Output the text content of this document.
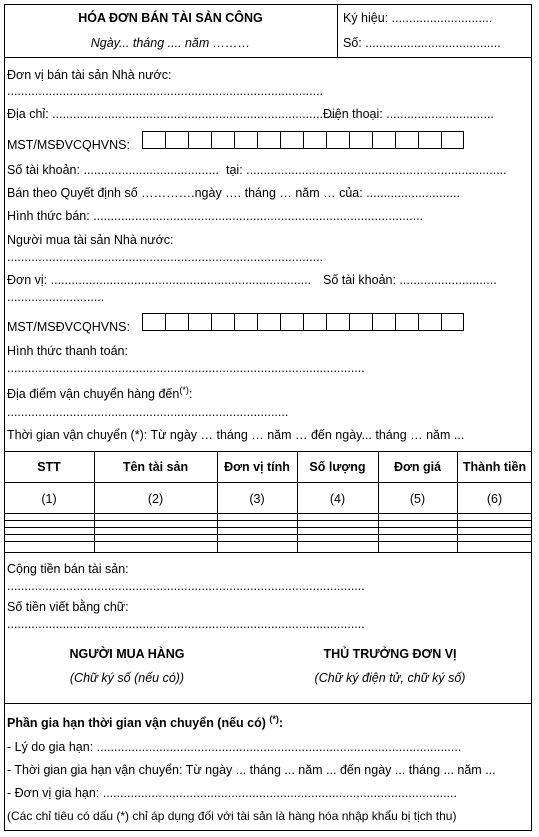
HÓA ĐƠN BÁN TÀI SẢN CÔNG
Ngày... tháng .... năm ………
Ký hiệu: .............................
Số: .......................................
Đơn vị bán tài sản Nhà nước:
...........................................................................................
Địa chỉ: ..................................................................................
Điện thoại: ...............................
MST/MSĐVCQHVNS:
Số tài khoản: ....................................... tại: ...........................................................................
Bán theo Quyết định số ………….ngày …. tháng … năm … của: ...........................
Hình thức bán: ...............................................................................................
Người mua tài sản Nhà nước:
...........................................................................................
Đơn vị: ........................................................................... Số tài khoản: ............................
............................
MST/MSĐVCQHVNS:
Hình thức thanh toán:
.......................................................................................................
Địa điểm vận chuyển hàng đến(*):
.................................................................................
Thời gian vận chuyển (*): Từ ngày … tháng … năm … đến ngày... tháng … năm ...
STT	Tên tài sản	Đơn vị tính	Số lượng	Đơn giá	Thành tiền
(1)	(2)	(3)	(4)	(5)	(6)
Cộng tiền bán tài sản:
.......................................................................................................
Số tiền viết bằng chữ:
.......................................................................................................
NGƯỜI MUA HÀNG
(Chữ ký số (nếu có))
THỦ TRƯỞNG ĐƠN VỊ
(Chữ ký điện tử, chữ ký số)
Phần gia hạn thời gian vận chuyển (nếu có) (*):
- Lý do gia hạn: .........................................................................................................
- Thời gian gia hạn vận chuyển: Từ ngày ... tháng ... năm ... đến ngày ... tháng ... năm ...
- Đơn vị gia hạn: ......................................................................................................
(Các chỉ tiêu có dấu (*) chỉ áp dụng đối với tài sản là hàng hóa nhập khẩu bị tịch thu)
